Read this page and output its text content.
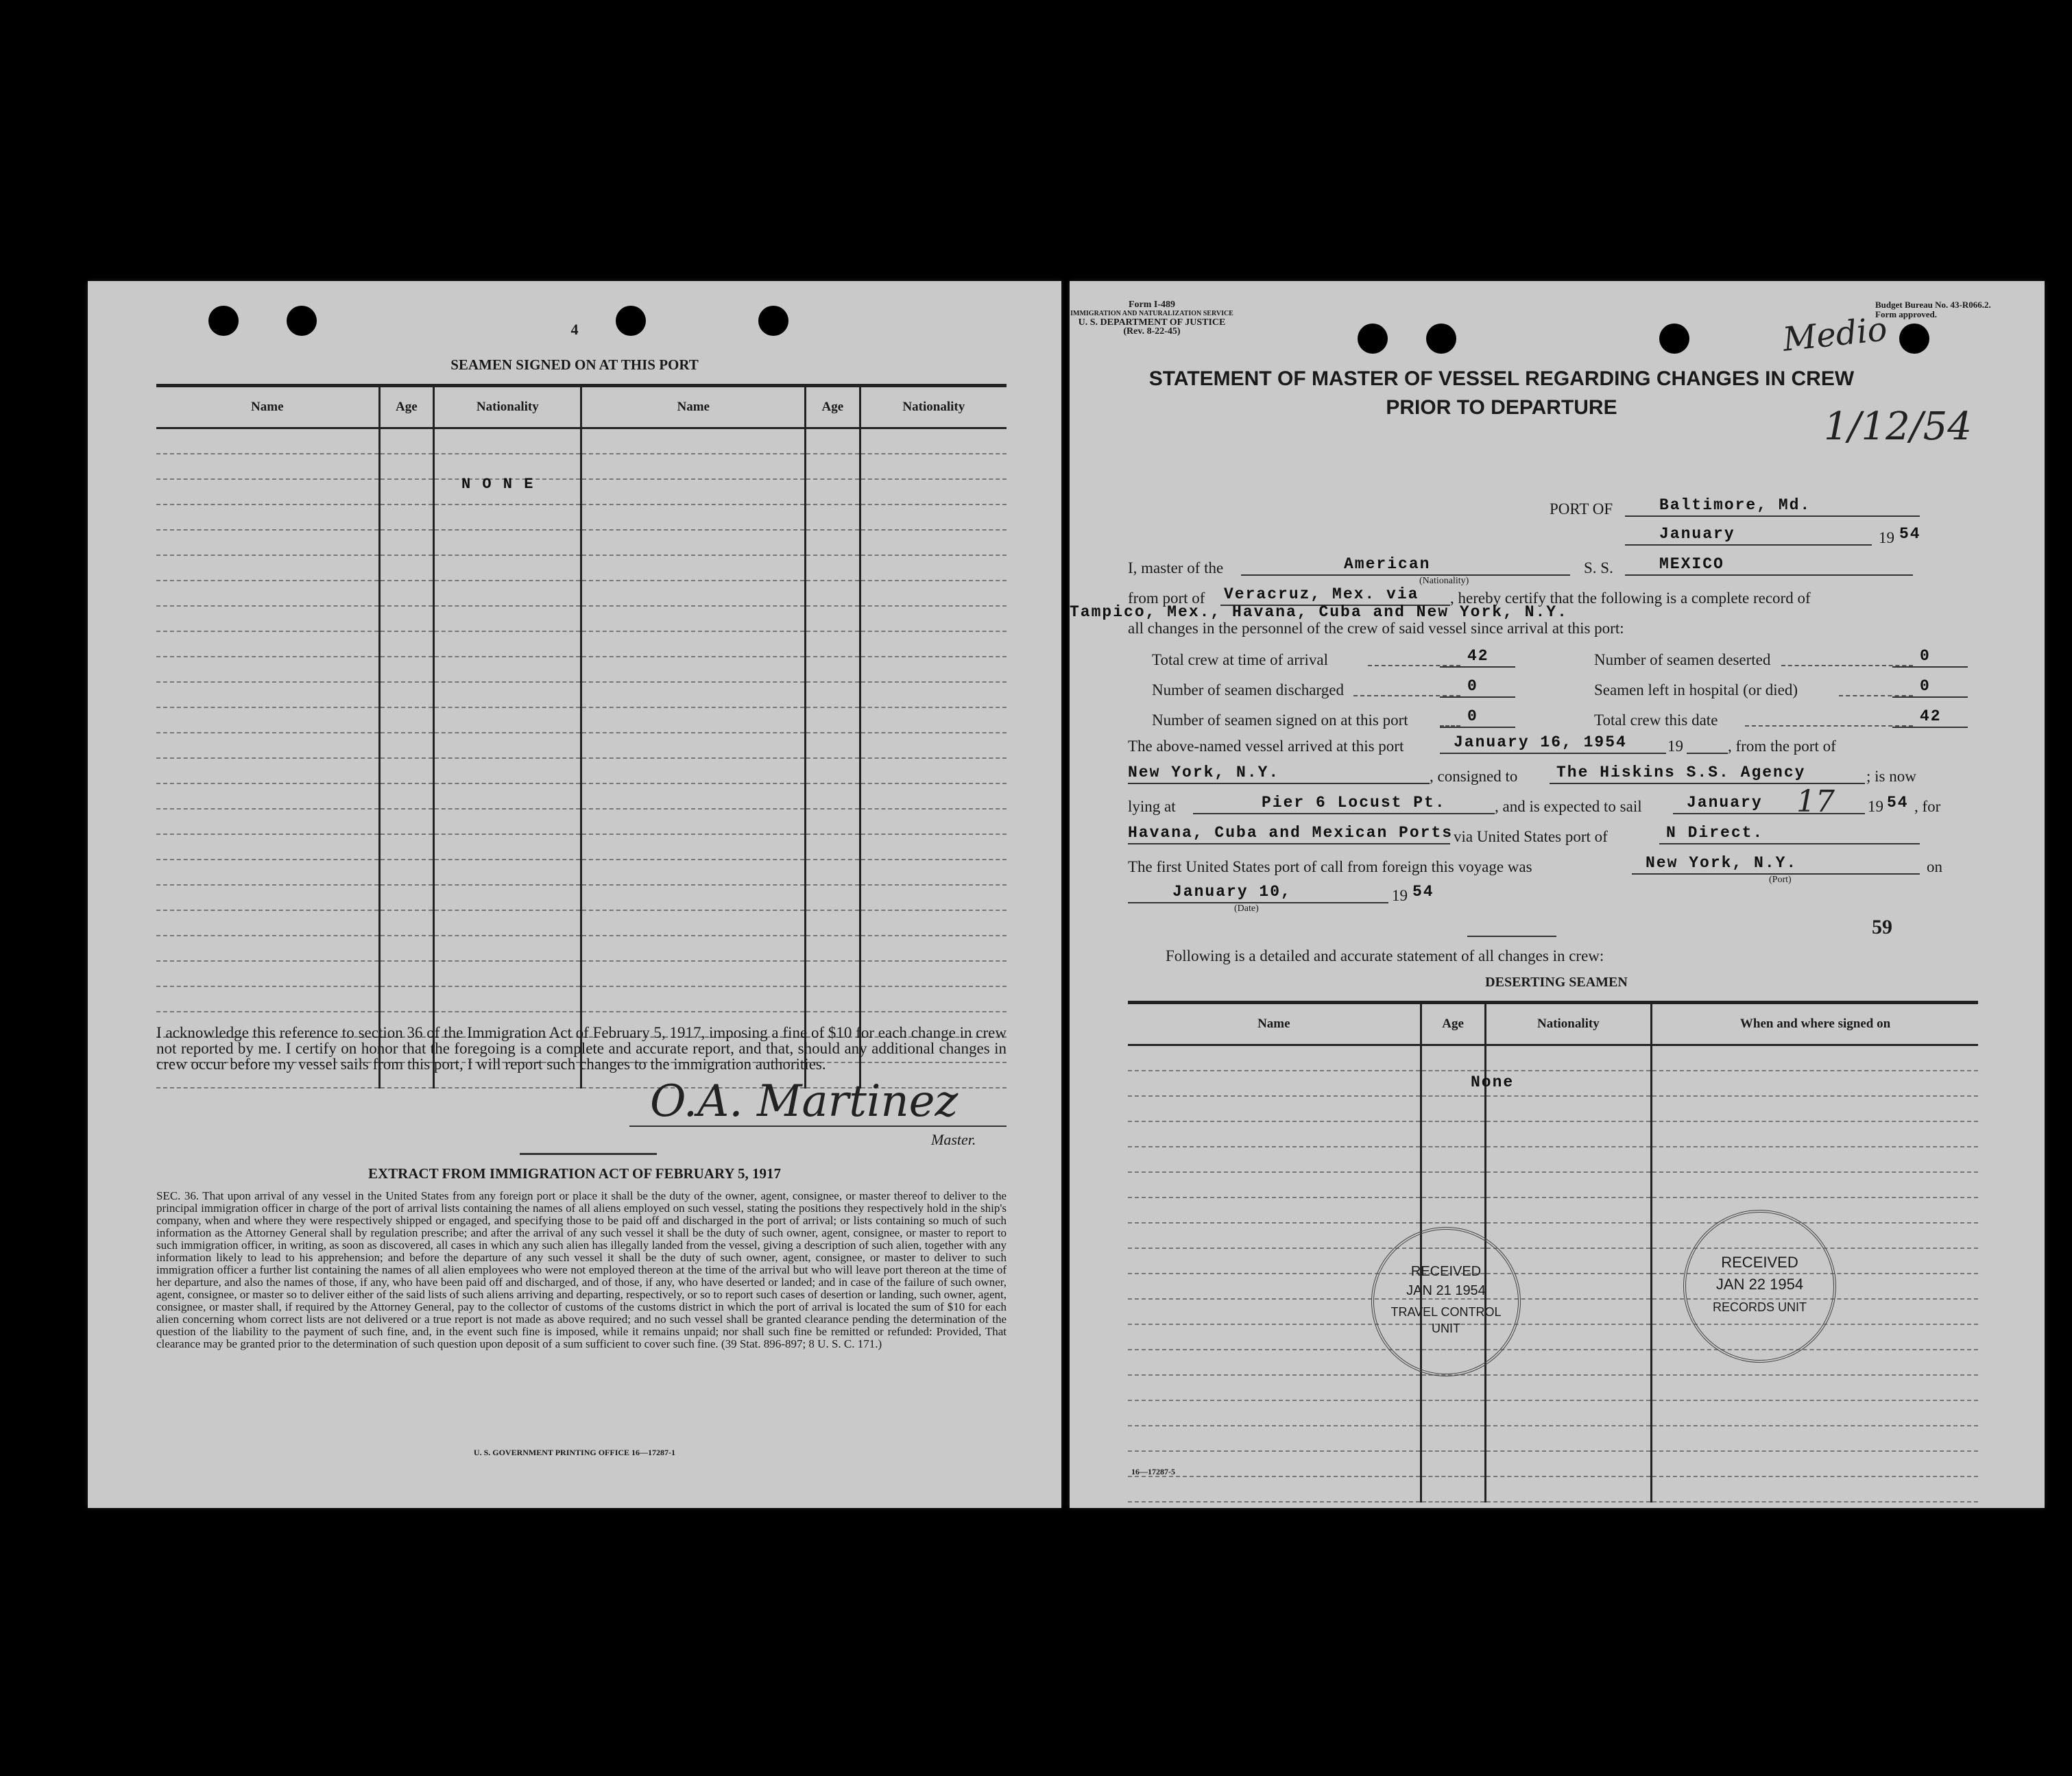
4
SEAMEN SIGNED ON AT THIS PORT
Name	Age	Nationality	Name	Age	Nationality

N O N E
I acknowledge this reference to section 36 of the Immigration Act of February 5, 1917, imposing a fine of $10 for each change in crew not reported by me. I certify on honor that the foregoing is a complete and accurate report, and that, should any additional changes in crew occur before my vessel sails from this port, I will report such changes to the immigration authorities.
O.A. Martinez
Master.
EXTRACT FROM IMMIGRATION ACT OF FEBRUARY 5, 1917
SEC. 36. That upon arrival of any vessel in the United States from any foreign port or place it shall be the duty of the owner, agent, consignee, or master thereof to deliver to the principal immigration officer in charge of the port of arrival lists containing the names of all aliens employed on such vessel, stating the positions they respectively hold in the ship's company, when and where they were respectively shipped or engaged, and specifying those to be paid off and discharged in the port of arrival; or lists containing so much of such information as the Attorney General shall by regulation prescribe; and after the arrival of any such vessel it shall be the duty of such owner, agent, consignee, or master to report to such immigration officer, in writing, as soon as discovered, all cases in which any such alien has illegally landed from the vessel, giving a description of such alien, together with any information likely to lead to his apprehension; and before the departure of any such vessel it shall be the duty of such owner, agent, consignee, or master to deliver to such immigration officer a further list containing the names of all alien employees who were not employed thereon at the time of the arrival but who will leave port thereon at the time of her departure, and also the names of those, if any, who have been paid off and discharged, and of those, if any, who have deserted or landed; and in case of the failure of such owner, agent, consignee, or master so to deliver either of the said lists of such aliens arriving and departing, respectively, or so to report such cases of desertion or landing, such owner, agent, consignee, or master shall, if required by the Attorney General, pay to the collector of customs of the customs district in which the port of arrival is located the sum of $10 for each alien concerning whom correct lists are not delivered or a true report is not made as above required; and no such vessel shall be granted clearance pending the determination of the question of the liability to the payment of such fine, and, in the event such fine is imposed, while it remains unpaid; nor shall such fine be remitted or refunded: Provided, That clearance may be granted prior to the determination of such question upon deposit of a sum sufficient to cover such fine. (39 Stat. 896-897; 8 U. S. C. 171.)
U. S. GOVERNMENT PRINTING OFFICE 16—17287-1
Form I-489
IMMIGRATION AND NATURALIZATION SERVICE
U. S. DEPARTMENT OF JUSTICE
(Rev. 8-22-45)
Budget Bureau No. 43-R066.2.
Form approved.
Medio
1/12/54
STATEMENT OF MASTER OF VESSEL REGARDING CHANGES IN CREW
PRIOR TO DEPARTURE
PORT OF	Baltimore, Md.
January	19 54
I, master of the	American
(Nationality)
S. S.	MEXICO
from port of Veracruz, Mex. via , hereby certify that the following is a complete record of
Tampico, Mex., Havana, Cuba and New York, N.Y.
all changes in the personnel of the crew of said vessel since arrival at this port:
Total crew at time of arrival	42	Number of seamen deserted	0
Number of seamen discharged	0	Seamen left in hospital (or died)	0
Number of seamen signed on at this port	0	Total crew this date	42
The above-named vessel arrived at this port	January 16, 1954	19	, from the port of
New York, N.Y.	, consigned to The Hiskins S.S. Agency	; is now
lying at	Pier 6 Locust Pt.	, and is expected to sail	January 17 19 54 , for
Havana, Cuba and Mexican Ports via United States port of	N Direct.
The first United States port of call from foreign this voyage was	New York, N.Y.	on
(Port)
January 10,	19 54
(Date)
59
Following is a detailed and accurate statement of all changes in crew:
DESERTING SEAMEN
Name	Age	Nationality	When and where signed on

None
RECEIVED
JAN 21 1954
TRAVEL CONTROL
UNIT
RECEIVED
JAN 22 1954
RECORDS UNIT
16—17287-5
